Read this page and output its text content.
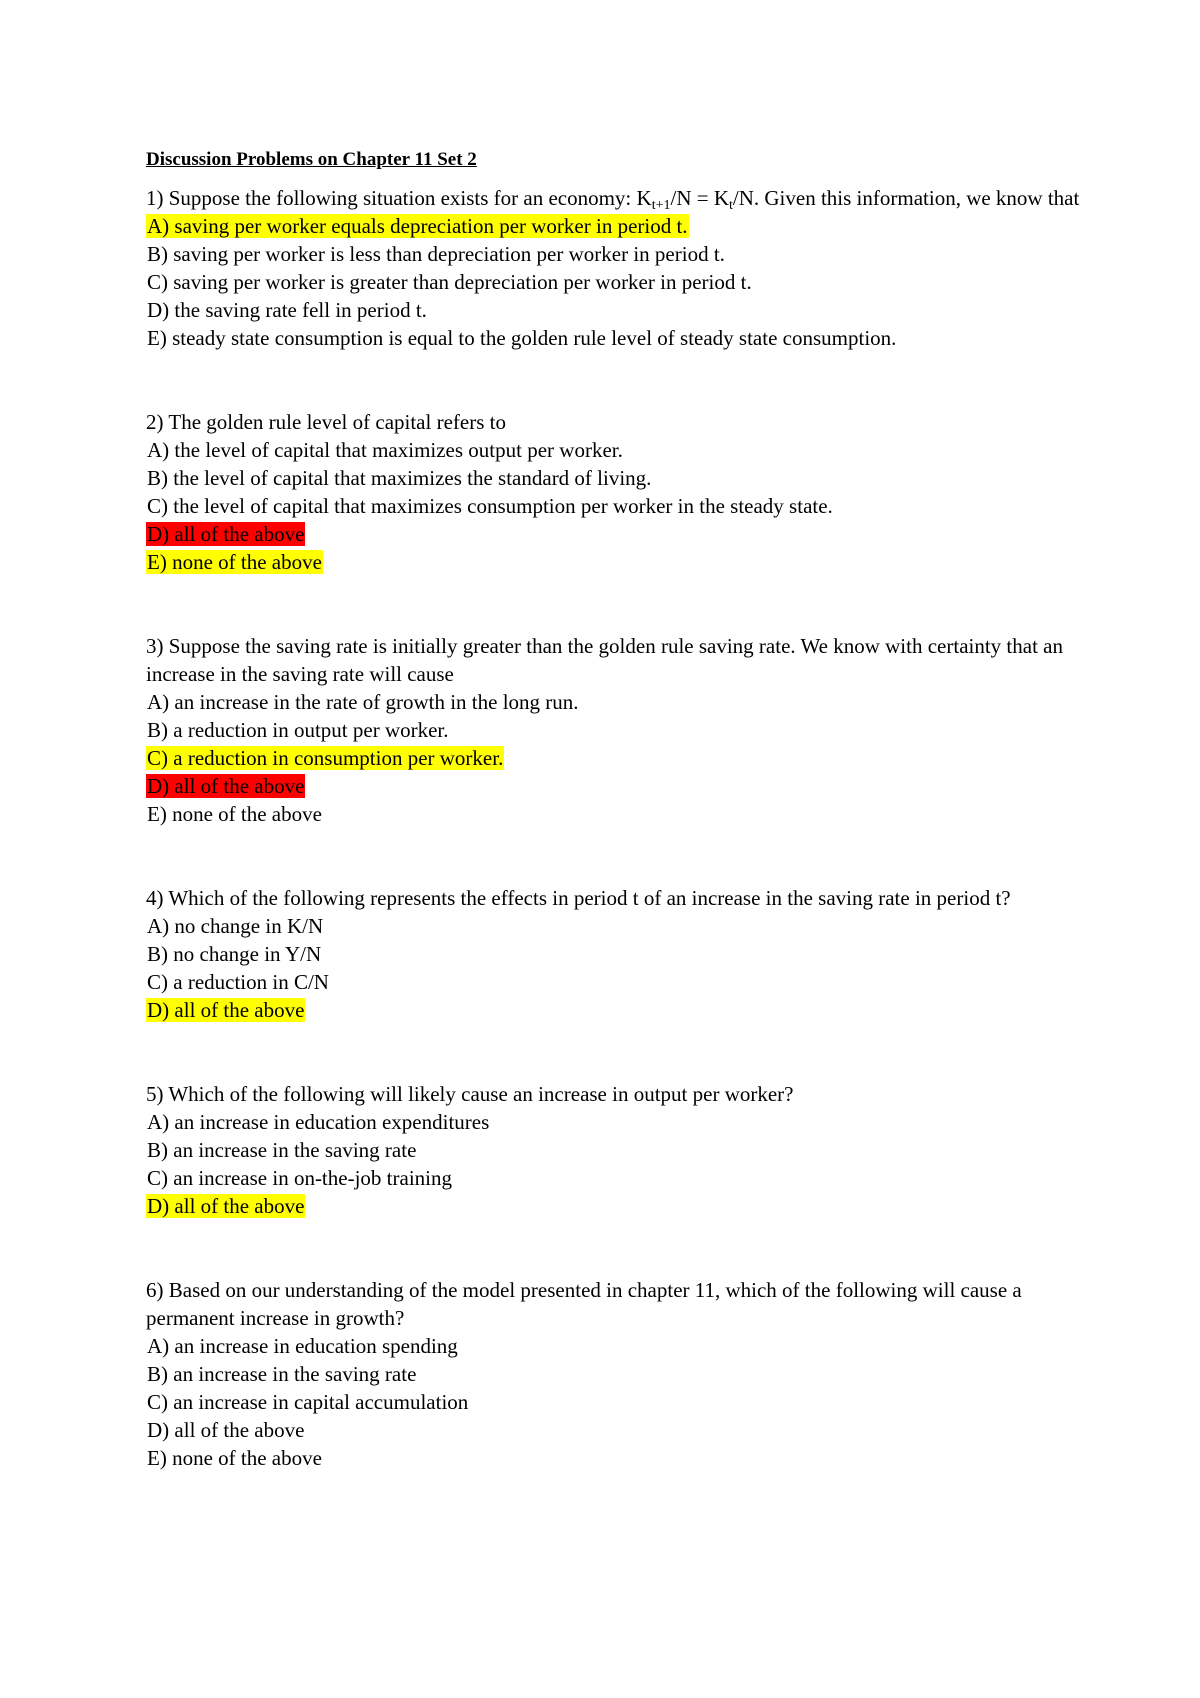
Discussion Problems on Chapter 11 Set 2
1) Suppose the following situation exists for an economy: $K_{t+1}/N = K_t/N$. Given this information, we know that
A) saving per worker equals depreciation per worker in period t.
B) saving per worker is less than depreciation per worker in period t.
C) saving per worker is greater than depreciation per worker in period t.
D) the saving rate fell in period t.
E) steady state consumption is equal to the golden rule level of steady state consumption.
2) The golden rule level of capital refers to
A) the level of capital that maximizes output per worker.
B) the level of capital that maximizes the standard of living.
C) the level of capital that maximizes consumption per worker in the steady state.
D) all of the above
E) none of the above
3) Suppose the saving rate is initially greater than the golden rule saving rate. We know with certainty that an increase in the saving rate will cause
A) an increase in the rate of growth in the long run.
B) a reduction in output per worker.
C) a reduction in consumption per worker.
D) all of the above
E) none of the above
4) Which of the following represents the effects in period t of an increase in the saving rate in period t?
A) no change in K/N
B) no change in Y/N
C) a reduction in C/N
D) all of the above
5) Which of the following will likely cause an increase in output per worker?
A) an increase in education expenditures
B) an increase in the saving rate
C) an increase in on-the-job training
D) all of the above
6) Based on our understanding of the model presented in chapter 11, which of the following will cause a permanent increase in growth?
A) an increase in education spending
B) an increase in the saving rate
C) an increase in capital accumulation
D) all of the above
E) none of the above
